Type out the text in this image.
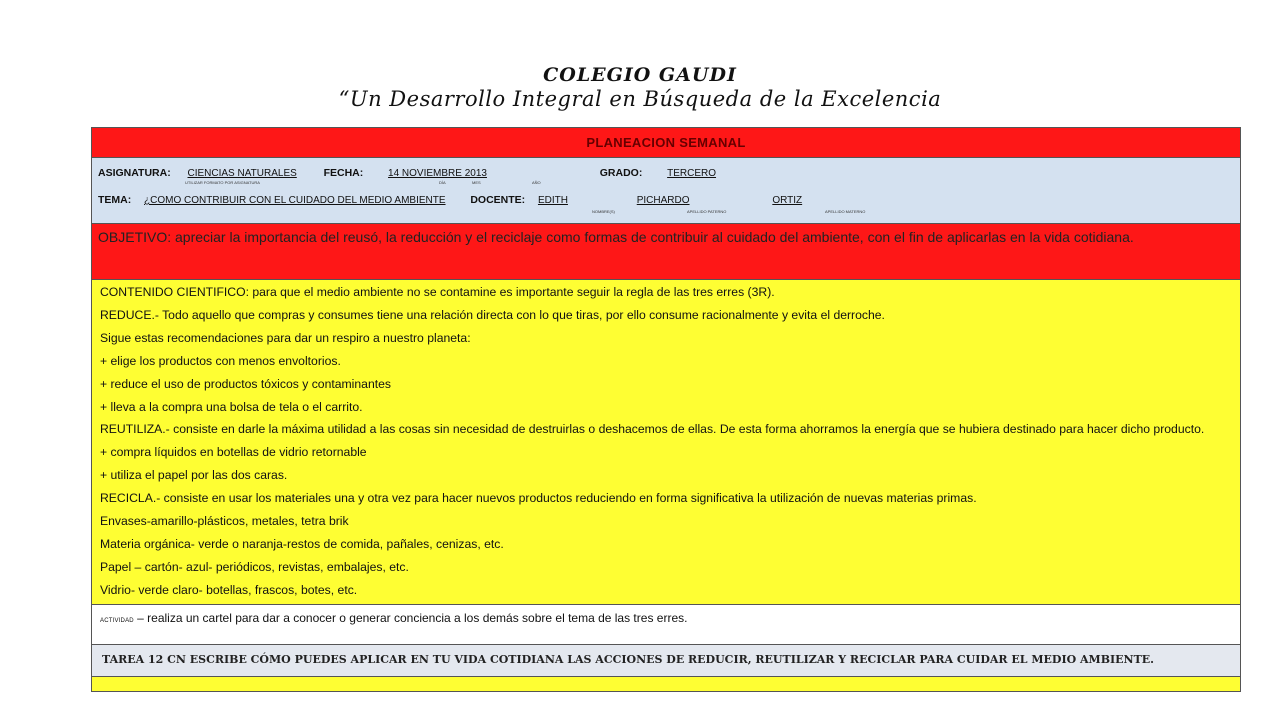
COLEGIO GAUDI
“Un Desarrollo Integral en Búsqueda de la Excelencia
PLANEACION SEMANAL
ASIGNATURA: CIENCIAS NATURALES	FECHA: 14 NOVIEMBRE 2013	GRADO: TERCERO
UTILIZAR FORMATO POR ASIGNATURA	DÍA	MES	AÑO
TEMA: ¿COMO CONTRIBUIR CON EL CUIDADO DEL MEDIO AMBIENTE DOCENTE: EDITH	PICHARDO	ORTIZ
NOMBRE(S)	APELLIDO PATERNO	APELLIDO MATERNO
OBJETIVO: apreciar la importancia del reusó, la reducción y el reciclaje como formas de contribuir al cuidado del ambiente, con el fin de aplicarlas en la vida cotidiana.
CONTENIDO CIENTIFICO: para que el medio ambiente no se contamine es importante seguir la regla de las tres erres (3R).
REDUCE.- Todo aquello que compras y consumes tiene una relación directa con lo que tiras, por ello consume racionalmente y evita el derroche.
Sigue estas recomendaciones para dar un respiro a nuestro planeta:
+ elige los productos con menos envoltorios.
+ reduce el uso de productos tóxicos y contaminantes
+ lleva a la compra una bolsa de tela o el carrito.
REUTILIZA.- consiste en darle la máxima utilidad a las cosas sin necesidad de destruirlas o deshacemos de ellas. De esta forma ahorramos la energía que se hubiera destinado para hacer dicho producto.
+ compra líquidos en botellas de vidrio retornable
+ utiliza el papel por las dos caras.
RECICLA.- consiste en usar los materiales una y otra vez para hacer nuevos productos reduciendo en forma significativa la utilización de nuevas materias primas.
Envases-amarillo-plásticos, metales, tetra brik
Materia orgánica- verde o naranja-restos de comida, pañales, cenizas, etc.
Papel – cartón- azul- periódicos, revistas, embalajes, etc.
Vidrio- verde claro- botellas, frascos, botes, etc.
ACTIVIDAD – realiza un cartel para dar a conocer o generar conciencia a los demás sobre el tema de las tres erres.
TAREA 12 CN ESCRIBE CÓMO PUEDES APLICAR EN TU VIDA COTIDIANA LAS ACCIONES DE REDUCIR, REUTILIZAR Y RECICLAR PARA CUIDAR EL MEDIO AMBIENTE.
